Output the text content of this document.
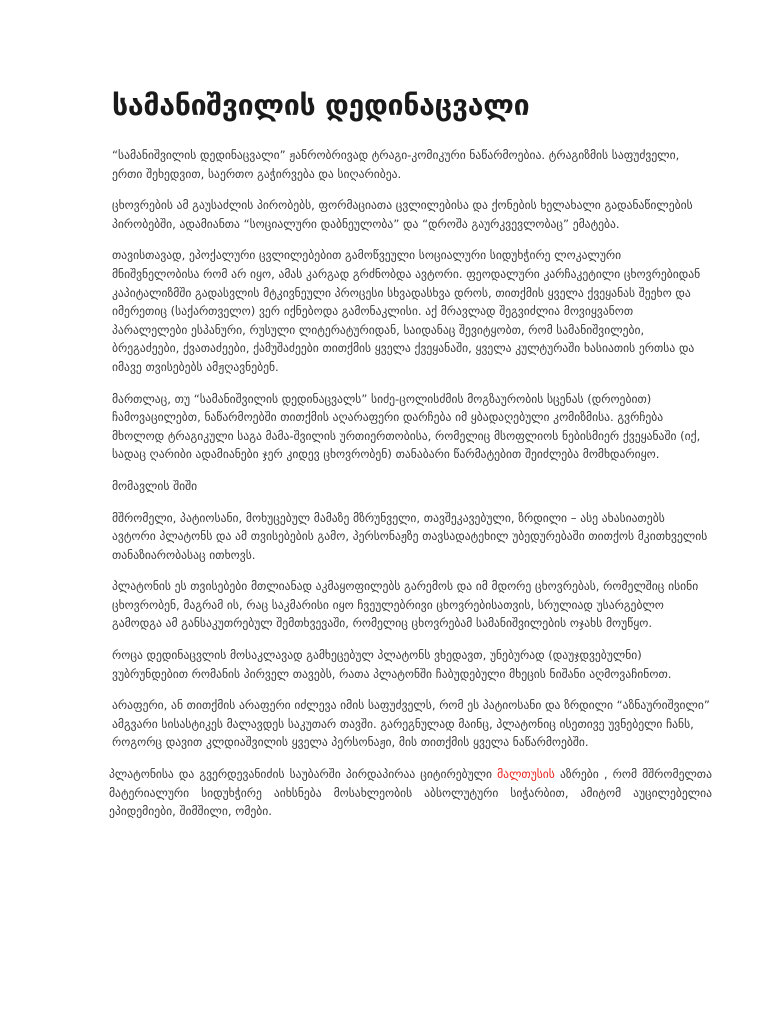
სამანიშვილის დედინაცვალი

“სამანიშვილის დედინაცვალი” ჟანრობრივად ტრაგი-კომიკური ნაწარმოებია. ტრაგიზმის საფუძველი, ერთი შეხედვით, საერთო გაჭირვება და სიღარიბეა.

ცხოვრების ამ გაუსაძლის პირობებს, ფორმაციათა ცვლილებისა და ქონების ხელახალი გადანაწილების პირობებში, ადამიანთა “სოციალური დაბნეულობა” და “დროშა გაურკვევლობაც” ემატება.

თავისთავად, ეპოქალური ცვლილებებით გამოწვეული სოციალური სიდუხჭირე ლოკალური მნიშვნელობისა რომ არ იყო, ამას კარგად გრძნობდა ავტორი. ფეოდალური კარჩაკეტილი ცხოვრებიდან კაპიტალიზმში გადასვლის მტკივნეული პროცესი სხვადასხვა დროს, თითქმის ყველა ქვეყანას შეეხო და იმერეთიც (საქართველო) ვერ იქნებოდა გამონაკლისი. აქ მრავლად შეგვიძლია მოვიყვანოთ პარალელები ესპანური, რუსული ლიტერატურიდან, საიდანაც შევიტყობთ, რომ სამანიშვილები, ბრეგაძეები, ქვათაძეები, ქამუშაძეები თითქმის ყველა ქვეყანაში, ყველა კულტურაში ხასიათის ერთსა და იმავე თვისებებს ამჟღავნებენ.

მართლაც, თუ “სამანიშვილის დედინაცვალს” სიძე-ცოლისძმის მოგზაურობის სცენას (დროებით) ჩამოვაცილებთ, ნაწარმოებში თითქმის აღარაფერი დარჩება იმ ყბადაღებული კომიზმისა. გვრჩება მხოლოდ ტრაგიკული საგა მამა-შვილის ურთიერთობისა, რომელიც მსოფლიოს ნებისმიერ ქვეყანაში (იქ, სადაც ღარიბი ადამიანები ჯერ კიდევ ცხოვრობენ) თანაბარი წარმატებით შეიძლება მომხდარიყო.

მომავლის შიში

მშრომელი, პატიოსანი, მოხუცებულ მამაზე მზრუნველი, თავშეკავებული, ზრდილი – ასე ახასიათებს ავტორი პლატონს და ამ თვისებების გამო, პერსონაჟზე თავსადატეხილ უბედურებაში თითქოს მკითხველის თანაზიარობასაც ითხოვს.

პლატონის ეს თვისებები მთლიანად აკმაყოფილებს გარემოს და იმ მდორე ცხოვრებას, რომელშიც ისინი ცხოვრობენ, მაგრამ ის, რაც საკმარისი იყო ჩვეულებრივი ცხოვრებისათვის, სრულიად უსარგებლო გამოდგა ამ განსაკუთრებულ შემთხვევაში, რომელიც ცხოვრებამ სამანიშვილების ოჯახს მოუწყო.

როცა დედინაცვლის მოსაკლავად გამხეცებულ პლატონს ვხედავთ, უნებურად (დაუჯდვებულნი) ვუბრუნდებით რომანის პირველ თავებს, რათა პლატონში ჩაბუდებული მხეცის ნიშანი აღმოვაჩინოთ.

არაფერი, ან თითქმის არაფერი იძლევა იმის საფუძველს, რომ ეს პატიოსანი და ზრდილი “აზნაურიშვილი” ამგვარი სისასტიკეს მალავდეს საკუთარ თავში. გარეგნულად მაინც, პლატონიც ისეთივე უვნებელი ჩანს, როგორც დავით კლდიაშვილის ყველა პერსონაჟი, მის თითქმის ყველა ნაწარმოებში.

პლატონისა და გვერდევანიძის საუბარში პირდაპირაა ციტირებული მალთუსის აზრები , რომ მშრომელთა მატერიალური სიდუხჭირე აიხსნება მოსახლეობის აბსოლუტური სიჭარბით, ამიტომ აუცილებელია ეპიდემიები, შიმშილი, ომები.
